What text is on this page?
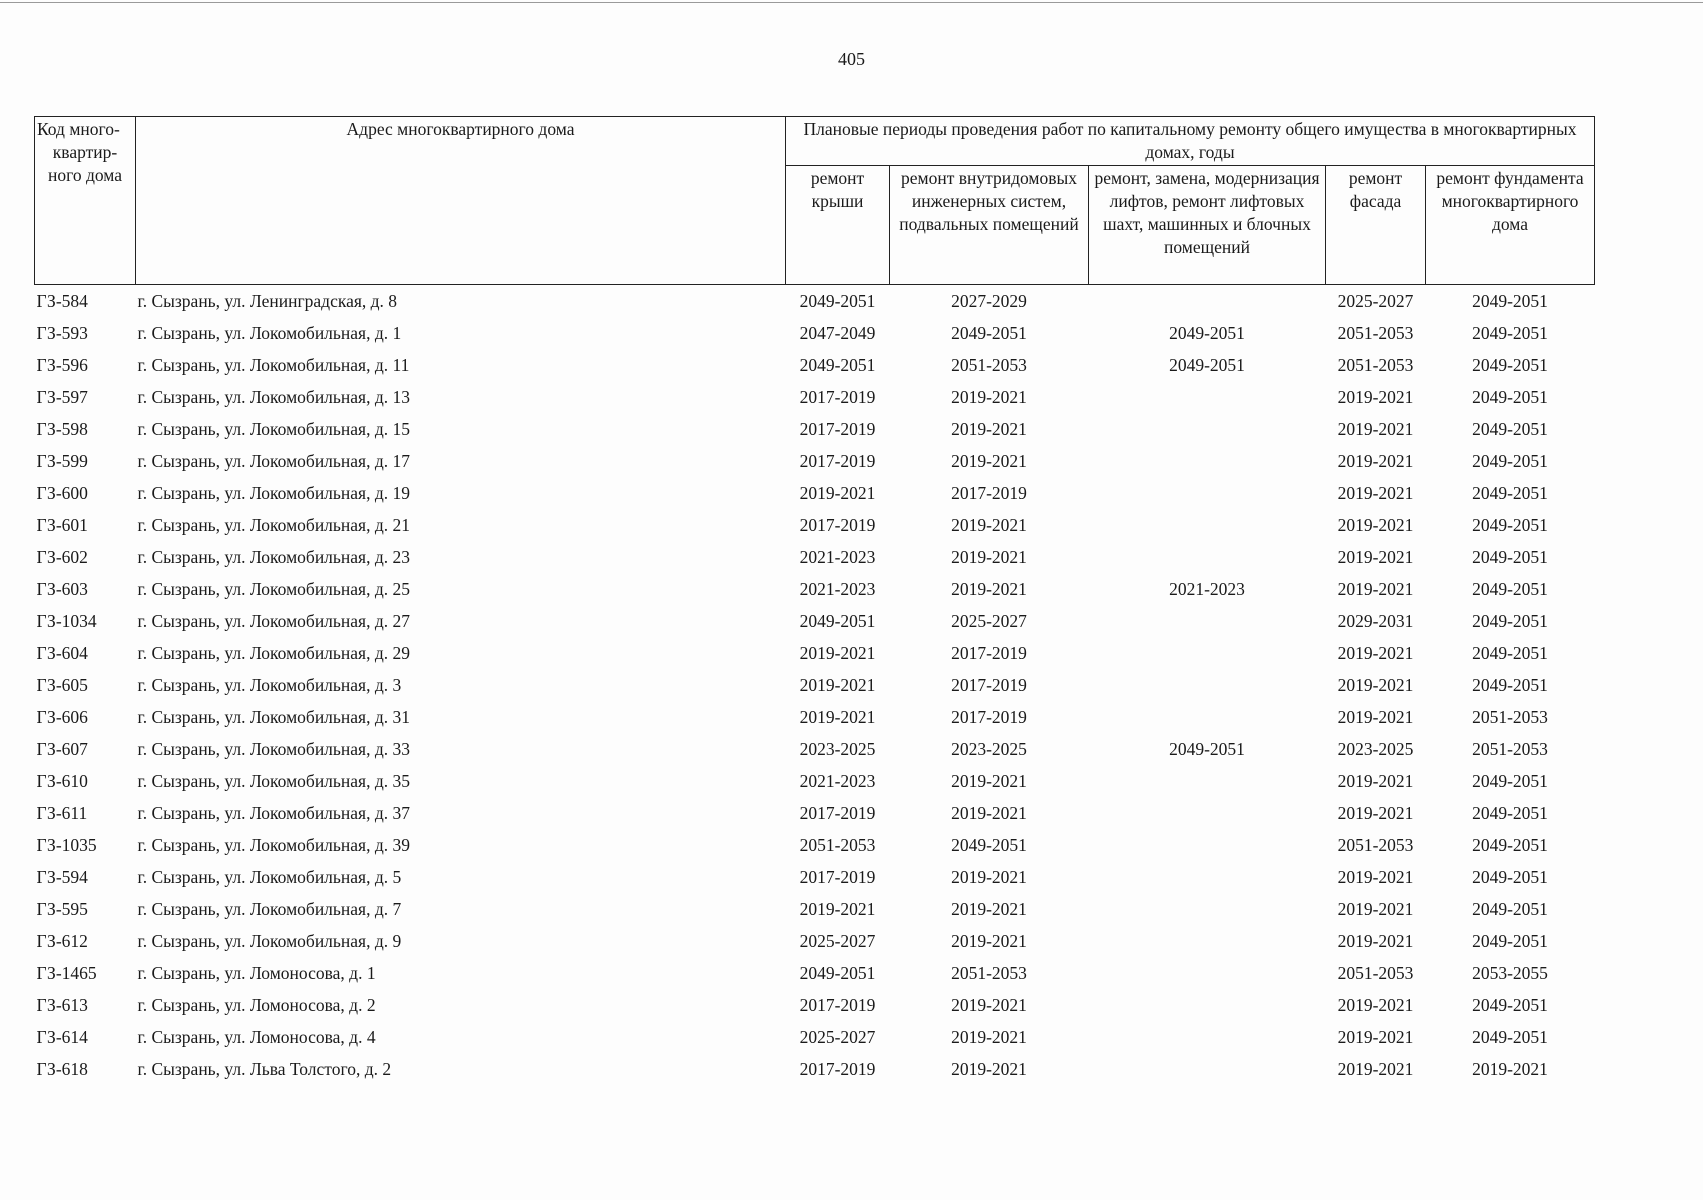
405
Код много-
квартир-
ного дома	Адрес многоквартирного дома	Плановые периоды проведения работ по капитальному ремонту общего имущества в многоквартирных домах, годы				
		ремонт крыши	ремонт внутридомовых инженерных систем, подвальных помещений	ремонт, замена, модернизация лифтов, ремонт лифтовых шахт, машинных и блочных помещений	ремонт фасада	ремонт фундамента многоквартирного дома
ГЗ-584	г. Сызрань, ул. Ленинградская, д. 8	2049-2051	2027-2029		2025-2027	2049-2051
ГЗ-593	г. Сызрань, ул. Локомобильная, д. 1	2047-2049	2049-2051	2049-2051	2051-2053	2049-2051
ГЗ-596	г. Сызрань, ул. Локомобильная, д. 11	2049-2051	2051-2053	2049-2051	2051-2053	2049-2051
ГЗ-597	г. Сызрань, ул. Локомобильная, д. 13	2017-2019	2019-2021		2019-2021	2049-2051
ГЗ-598	г. Сызрань, ул. Локомобильная, д. 15	2017-2019	2019-2021		2019-2021	2049-2051
ГЗ-599	г. Сызрань, ул. Локомобильная, д. 17	2017-2019	2019-2021		2019-2021	2049-2051
ГЗ-600	г. Сызрань, ул. Локомобильная, д. 19	2019-2021	2017-2019		2019-2021	2049-2051
ГЗ-601	г. Сызрань, ул. Локомобильная, д. 21	2017-2019	2019-2021		2019-2021	2049-2051
ГЗ-602	г. Сызрань, ул. Локомобильная, д. 23	2021-2023	2019-2021		2019-2021	2049-2051
ГЗ-603	г. Сызрань, ул. Локомобильная, д. 25	2021-2023	2019-2021	2021-2023	2019-2021	2049-2051
ГЗ-1034	г. Сызрань, ул. Локомобильная, д. 27	2049-2051	2025-2027		2029-2031	2049-2051
ГЗ-604	г. Сызрань, ул. Локомобильная, д. 29	2019-2021	2017-2019		2019-2021	2049-2051
ГЗ-605	г. Сызрань, ул. Локомобильная, д. 3	2019-2021	2017-2019		2019-2021	2049-2051
ГЗ-606	г. Сызрань, ул. Локомобильная, д. 31	2019-2021	2017-2019		2019-2021	2051-2053
ГЗ-607	г. Сызрань, ул. Локомобильная, д. 33	2023-2025	2023-2025	2049-2051	2023-2025	2051-2053
ГЗ-610	г. Сызрань, ул. Локомобильная, д. 35	2021-2023	2019-2021		2019-2021	2049-2051
ГЗ-611	г. Сызрань, ул. Локомобильная, д. 37	2017-2019	2019-2021		2019-2021	2049-2051
ГЗ-1035	г. Сызрань, ул. Локомобильная, д. 39	2051-2053	2049-2051		2051-2053	2049-2051
ГЗ-594	г. Сызрань, ул. Локомобильная, д. 5	2017-2019	2019-2021		2019-2021	2049-2051
ГЗ-595	г. Сызрань, ул. Локомобильная, д. 7	2019-2021	2019-2021		2019-2021	2049-2051
ГЗ-612	г. Сызрань, ул. Локомобильная, д. 9	2025-2027	2019-2021		2019-2021	2049-2051
ГЗ-1465	г. Сызрань, ул. Ломоносова, д. 1	2049-2051	2051-2053		2051-2053	2053-2055
ГЗ-613	г. Сызрань, ул. Ломоносова, д. 2	2017-2019	2019-2021		2019-2021	2049-2051
ГЗ-614	г. Сызрань, ул. Ломоносова, д. 4	2025-2027	2019-2021		2019-2021	2049-2051
ГЗ-618	г. Сызрань, ул. Льва Толстого, д. 2	2017-2019	2019-2021		2019-2021	2019-2021
